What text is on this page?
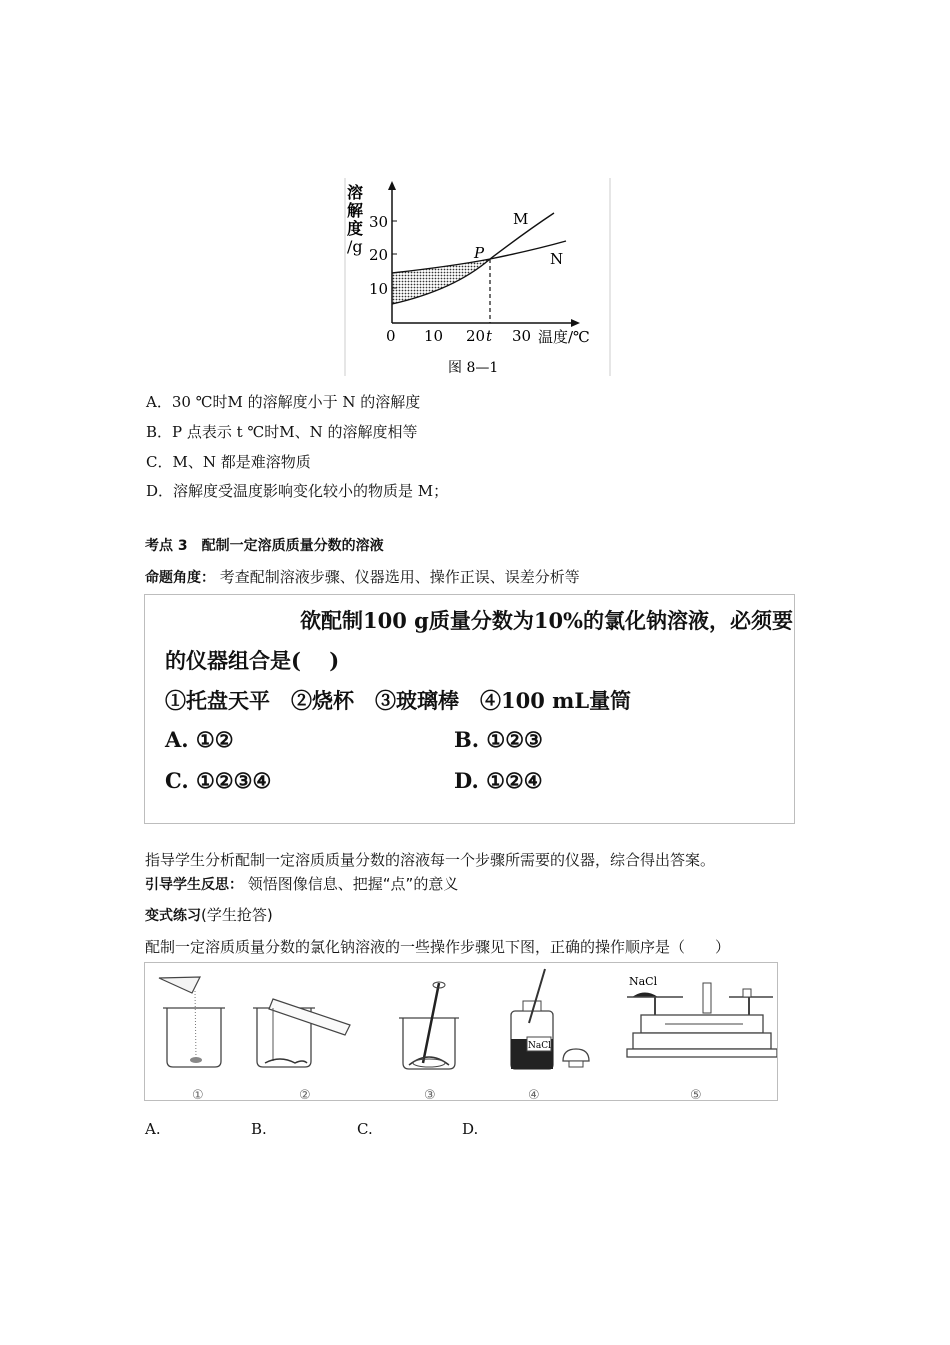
溶
解
度
/g
30
20
10
0 10 20 t 30 温度/℃
P
M
N
图 8—1
A．30 ℃时M 的溶解度小于 N 的溶解度
B．P 点表示 t ℃时M、N 的溶解度相等
C．M、N 都是难溶物质
D．溶解度受温度影响变化较小的物质是 M；
考点 3　配制一定溶质质量分数的溶液
命题角度： 考查配制溶液步骤、仪器选用、操作正误、误差分析等
欲配制100 g质量分数为10%的氯化钠溶液，必须要
的仪器组合是(　 )
①托盘天平　②烧杯　③玻璃棒　④100 mL量筒
A. ①②	B. ①②③
C. ①②③④	D. ①②④
指导学生分析配制一定溶质质量分数的溶液每一个步骤所需要的仪器，综合得出答案。
引导学生反思： 领悟图像信息、把握“点”的意义
变式练习(学生抢答)
配制一定溶质质量分数的氯化钠溶液的一些操作步骤见下图，正确的操作顺序是（　　）
NaCl
NaCl
①	②	③	④	⑤
A.	B.	C.	D.
